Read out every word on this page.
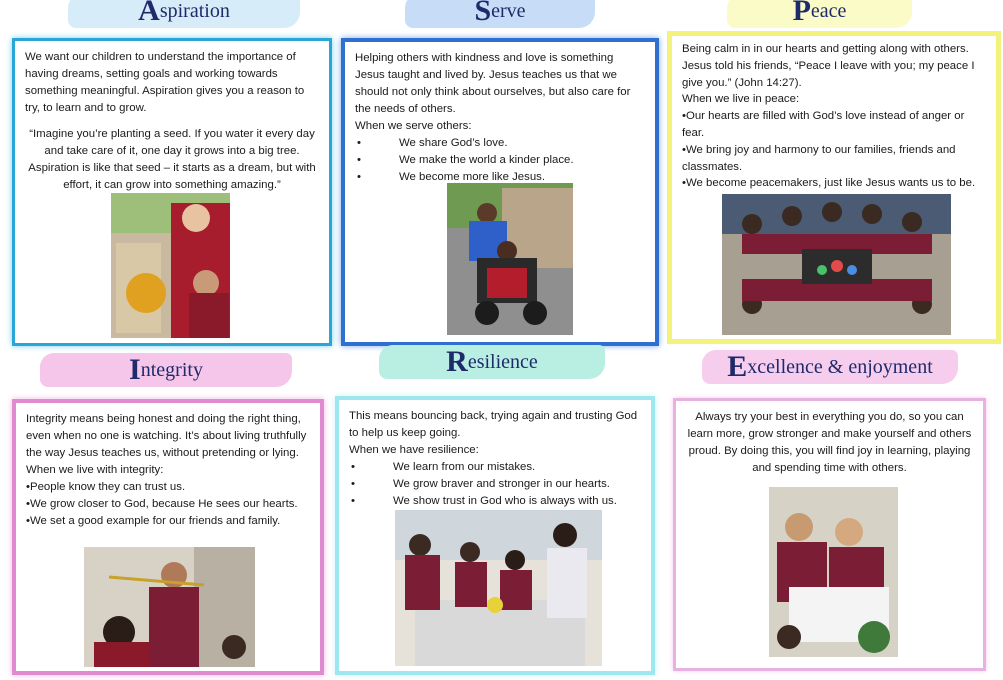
A spiration

We want our children to understand the importance of having dreams, setting goals and working towards something meaningful. Aspiration gives you a reason to try, to learn and to grow.

“Imagine you’re planting a seed. If you water it every day and take care of it, one day it grows into a big tree. Aspiration is like that seed – it starts as a dream, but with effort, it can grow into something amazing.”

S erve

Helping others with kindness and love is something Jesus taught and lived by. Jesus teaches us that we should not only think about ourselves, but also care for the needs of others.

When we serve others:

• We share God’s love.
• We make the world a kinder place.
• We become more like Jesus.
P eace

Being calm in in our hearts and getting along with others. Jesus told his friends, “Peace I leave with you; my peace I give you.” (John 14:27).

When we live in peace:

•Our hearts are filled with God’s love instead of anger or fear.
•We bring joy and harmony to our families, friends and classmates.
•We become peacemakers, just like Jesus wants us to be.
I ntegrity

Integrity means being honest and doing the right thing, even when no one is watching. It’s about living truthfully the way Jesus teaches us, without pretending or lying.

When we live with integrity:

•People know they can trust us.
•We grow closer to God, because He sees our hearts.
•We set a good example for our friends and family.
R esilience

This means bouncing back, trying again and trusting God to help us keep going.

When we have resilience:

• We learn from our mistakes.
• We grow braver and stronger in our hearts.
• We show trust in God who is always with us.
E xcellence & enjoyment

Always try your best in everything you do, so you can learn more, grow stronger and make yourself and others proud. By doing this, you will find joy in learning, playing and spending time with others.
